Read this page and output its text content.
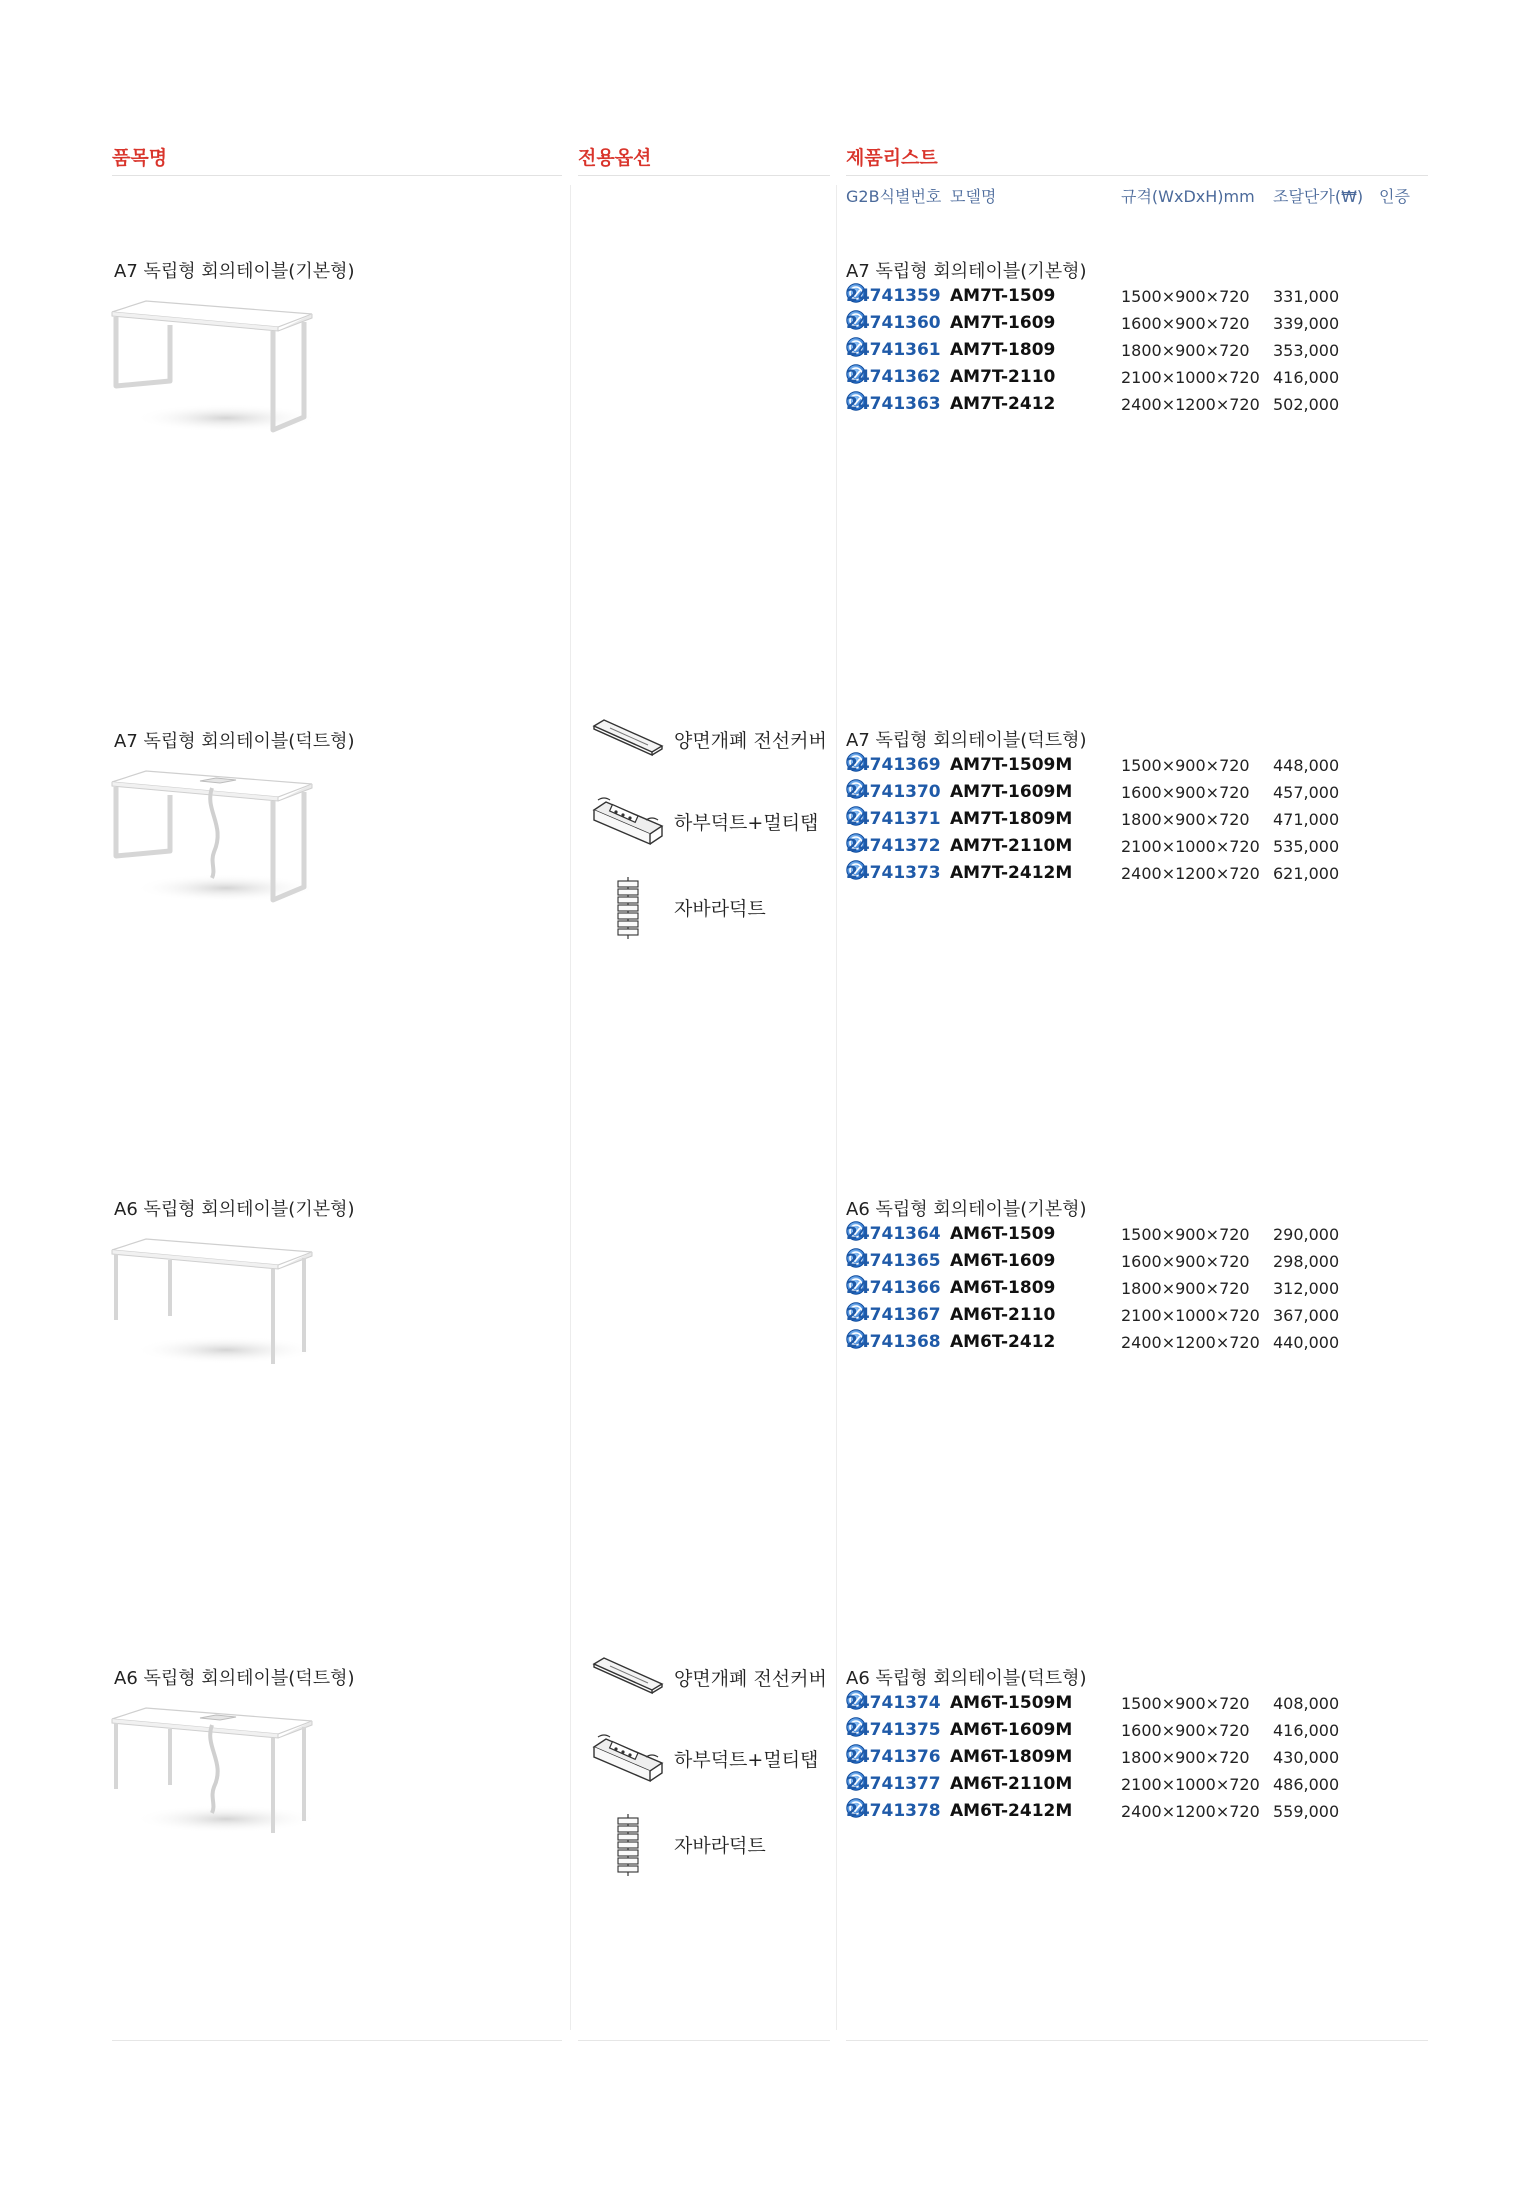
품목명	전용옵션	제품리스트
G2B식별번호 모델명	규격(WxDxH)mm 조달단가(₩) 인증
A7 독립형 회의테이블(기본형)	A7 독립형 회의테이블(기본형)
24741359 AM7T-1509	1500×900×720 331,000
24741360 AM7T-1609	1600×900×720 339,000
24741361 AM7T-1809	1800×900×720 353,000
24741362 AM7T-2110	2100×1000×720 416,000
24741363 AM7T-2412	2400×1200×720 502,000
A7 독립형 회의테이블(덕트형)	양면개폐 전선커버
하부덕트+멀티탭
자바라덕트
A7 독립형 회의테이블(덕트형)
24741369 AM7T-1509M	1500×900×720 448,000
24741370 AM7T-1609M	1600×900×720 457,000
24741371 AM7T-1809M	1800×900×720 471,000
24741372 AM7T-2110M	2100×1000×720 535,000
24741373 AM7T-2412M	2400×1200×720 621,000
A6 독립형 회의테이블(기본형)	A6 독립형 회의테이블(기본형)
24741364 AM6T-1509	1500×900×720 290,000
24741365 AM6T-1609	1600×900×720 298,000
24741366 AM6T-1809	1800×900×720 312,000
24741367 AM6T-2110	2100×1000×720 367,000
24741368 AM6T-2412	2400×1200×720 440,000
A6 독립형 회의테이블(덕트형)	양면개폐 전선커버
하부덕트+멀티탭
자바라덕트
A6 독립형 회의테이블(덕트형)
24741374 AM6T-1509M	1500×900×720 408,000
24741375 AM6T-1609M	1600×900×720 416,000
24741376 AM6T-1809M	1800×900×720 430,000
24741377 AM6T-2110M	2100×1000×720 486,000
24741378 AM6T-2412M	2400×1200×720 559,000
